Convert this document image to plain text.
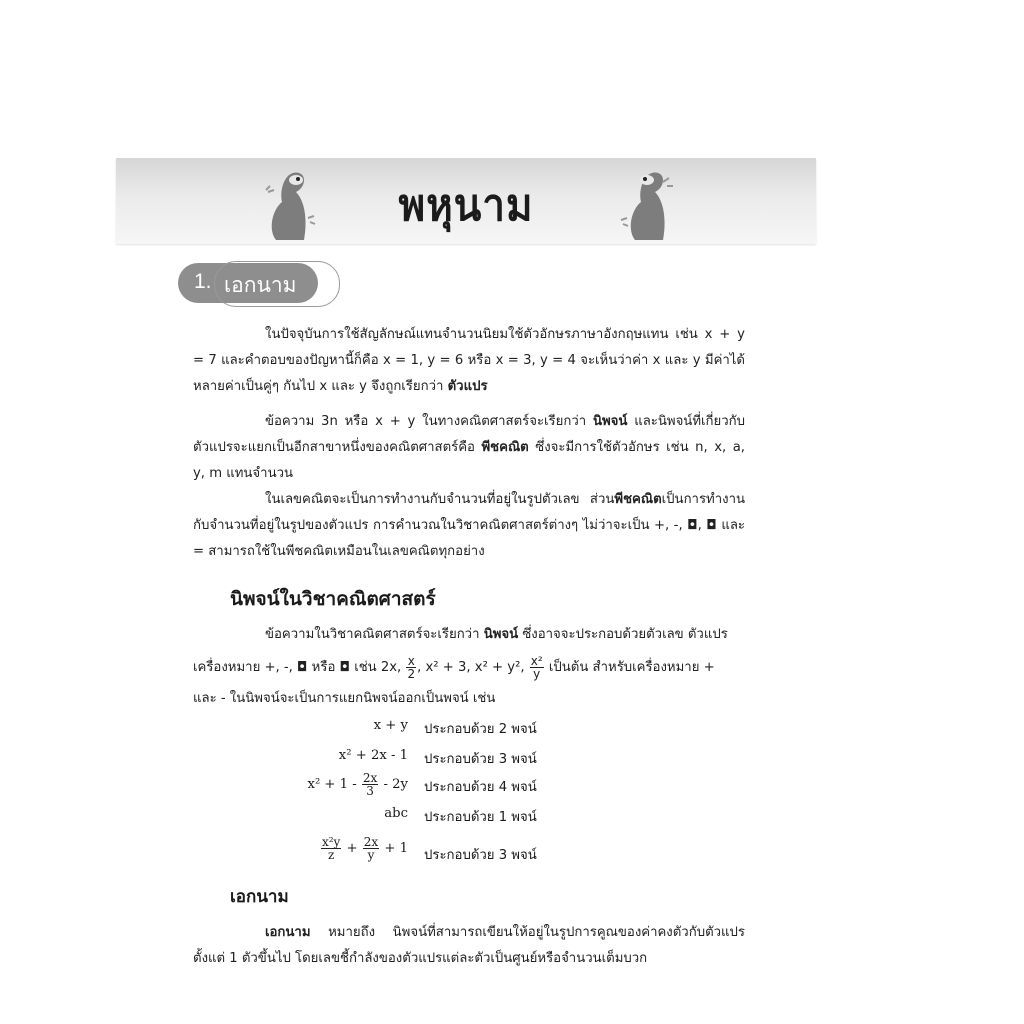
พหุนาม
1. เอกนาม

ในปัจจุบันการใช้สัญลักษณ์แทนจำนวนนิยมใช้ตัวอักษรภาษาอังกฤษแทน เช่น x + y = 7 และคำตอบของปัญหานี้ก็คือ x = 1, y = 6 หรือ x = 3, y = 4 จะเห็นว่าค่า x และ y มีค่าได้หลายค่าเป็นคู่ๆ กันไป x และ y จึงถูกเรียกว่า ตัวแปร

ข้อความ 3n หรือ x + y ในทางคณิตศาสตร์จะเรียกว่า นิพจน์ และนิพจน์ที่เกี่ยวกับ ตัวแปรจะแยกเป็นอีกสาขาหนึ่งของคณิตศาสตร์คือ พีชคณิต ซึ่งจะมีการใช้ตัวอักษร เช่น n, x, a, y, m แทนจำนวน

ในเลขคณิตจะเป็นการทำงานกับจำนวนที่อยู่ในรูปตัวเลข ส่วนพีชคณิตเป็นการทำงาน กับจำนวนที่อยู่ในรูปของตัวแปร การคำนวณในวิชาคณิตศาสตร์ต่างๆ ไม่ว่าจะเป็น +, -, ◘, ◘ และ = สามารถใช้ในพีชคณิตเหมือนในเลขคณิตทุกอย่าง

นิพจน์ในวิชาคณิตศาสตร์

ข้อความในวิชาคณิตศาสตร์จะเรียกว่า นิพจน์ ซึ่งอาจจะประกอบด้วยตัวเลข ตัวแปร

เครื่องหมาย +, -, ◘ หรือ ◘ เช่น 2x, $\frac{x}{2}$ , x² + 3, x² + y², $\frac{\text{x²}}{y}$ เป็นต้น สำหรับเครื่องหมาย +

และ - ในนิพจน์จะเป็นการแยกนิพจน์ออกเป็นพจน์ เช่น

x + y ประกอบด้วย 2 พจน์
x² + 2x - 1 ประกอบด้วย 3 พจน์
$x^2 + 1 - \frac{2x}{3} - 2y$ ประกอบด้วย 4 พจน์
abc ประกอบด้วย 1 พจน์
$\frac{\text{x²y}}{z} + \frac{2x}{y} + 1$ ประกอบด้วย 3 พจน์
เอกนาม

เอกนาม หมายถึง นิพจน์ที่สามารถเขียนให้อยู่ในรูปการคูณของค่าคงตัวกับตัวแปร ตั้งแต่ 1 ตัวขึ้นไป โดยเลขชี้กำลังของตัวแปรแต่ละตัวเป็นศูนย์หรือจำนวนเต็มบวก
